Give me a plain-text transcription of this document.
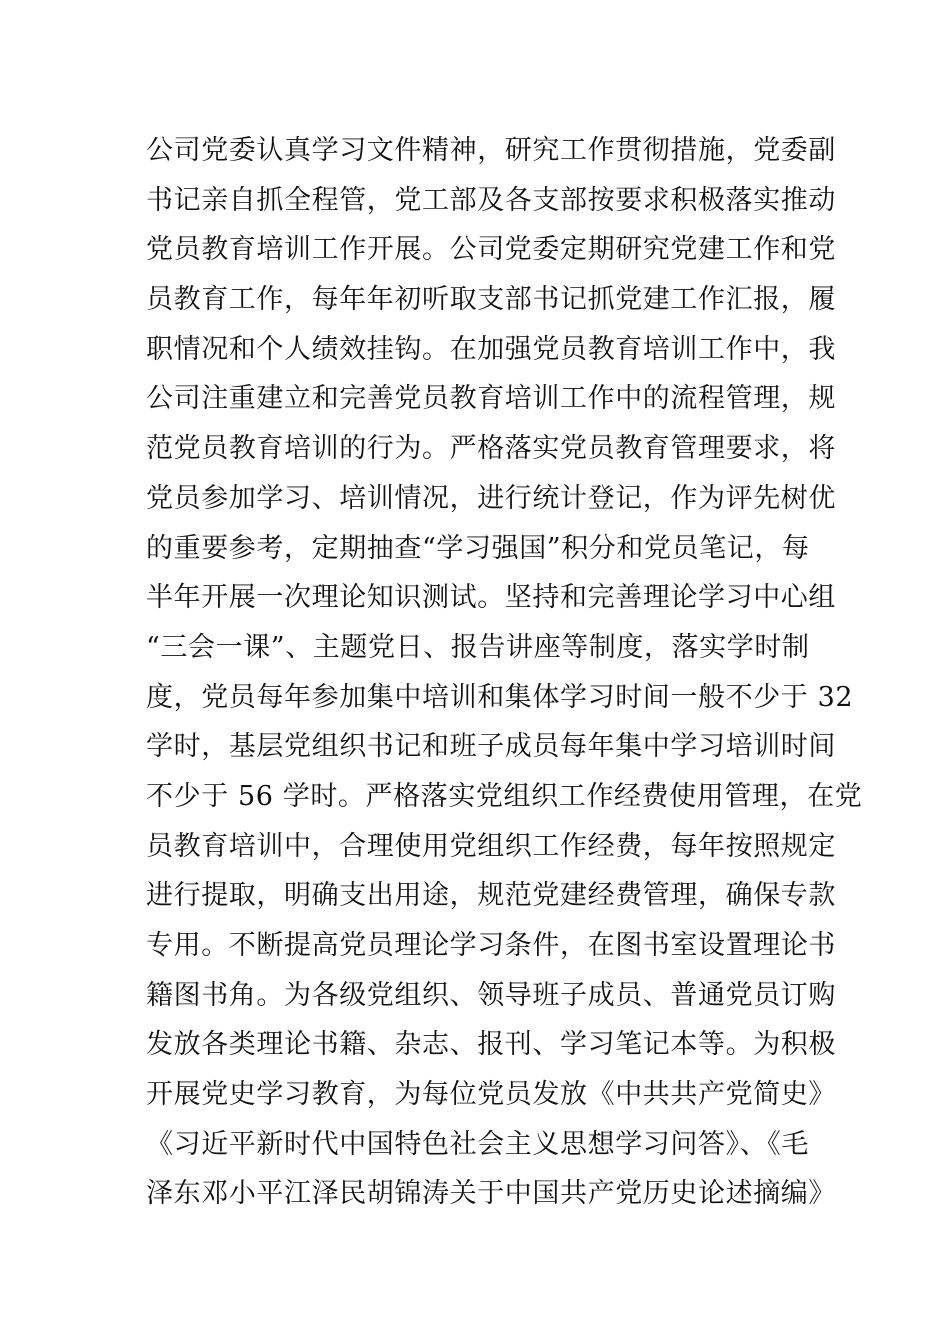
公司党委认真学习文件精神，研究工作贯彻措施，党委副
书记亲自抓全程管，党工部及各支部按要求积极落实推动
党员教育培训工作开展。公司党委定期研究党建工作和党
员教育工作，每年年初听取支部书记抓党建工作汇报，履
职情况和个人绩效挂钩。在加强党员教育培训工作中，我
公司注重建立和完善党员教育培训工作中的流程管理，规
范党员教育培训的行为。严格落实党员教育管理要求，将
党员参加学习、培训情况，进行统计登记，作为评先树优
的重要参考，定期抽查“学习强国”积分和党员笔记，每
半年开展一次理论知识测试。坚持和完善理论学习中心组
“三会一课”、主题党日、报告讲座等制度，落实学时制
度，党员每年参加集中培训和集体学习时间一般不少于 32
学时，基层党组织书记和班子成员每年集中学习培训时间
不少于 56 学时。严格落实党组织工作经费使用管理，在党
员教育培训中，合理使用党组织工作经费，每年按照规定
进行提取，明确支出用途，规范党建经费管理，确保专款
专用。不断提高党员理论学习条件，在图书室设置理论书
籍图书角。为各级党组织、领导班子成员、普通党员订购
发放各类理论书籍、杂志、报刊、学习笔记本等。为积极
开展党史学习教育，为每位党员发放《中共共产党简史》
《习近平新时代中国特色社会主义思想学习问答》、《毛
泽东邓小平江泽民胡锦涛关于中国共产党历史论述摘编》
